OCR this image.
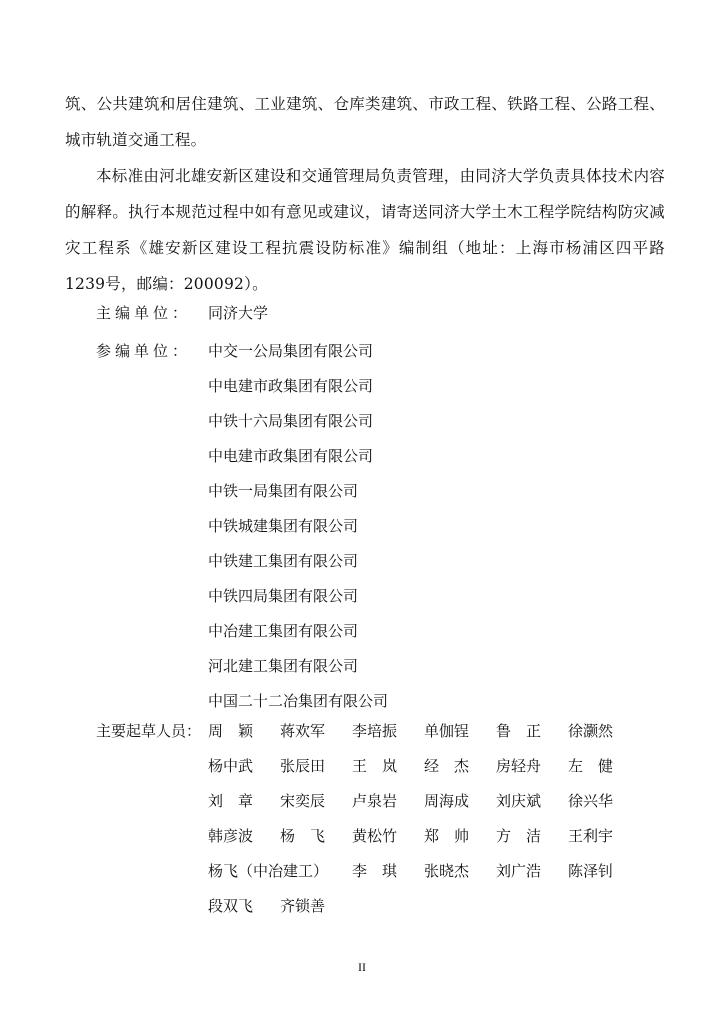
筑、公共建筑和居住建筑、工业建筑、仓库类建筑、市政工程、铁路工程、公路工程、城市轨道交通工程。

本标准由河北雄安新区建设和交通管理局负责管理，由同济大学负责具体技术内容的解释。执行本规范过程中如有意见或建议，请寄送同济大学土木工程学院结构防灾减灾工程系《雄安新区建设工程抗震设防标准》编制组（地址：上海市杨浦区四平路1239号，邮编：200092）。

主编单位：	同济大学
参编单位：	中交一公局集团有限公司
中电建市政集团有限公司
中铁十六局集团有限公司
中电建市政集团有限公司
中铁一局集团有限公司
中铁城建集团有限公司
中铁建工集团有限公司
中铁四局集团有限公司
中冶建工集团有限公司
河北建工集团有限公司
中国二十二冶集团有限公司
主要起草人员： 周　颖	蒋欢军	李培振	单伽锃	鲁　正	徐灏然
杨中武	张辰田	王　岚	经　杰	房轻舟	左　健
刘　章	宋奕辰	卢泉岩	周海成	刘庆斌	徐兴华
韩彦波	杨　飞	黄松竹	郑　帅	方　洁	王利宇
杨飞（中冶建工）	李　琪	张晓杰	刘广浩	陈泽钊
段双飞	齐锁善
II
